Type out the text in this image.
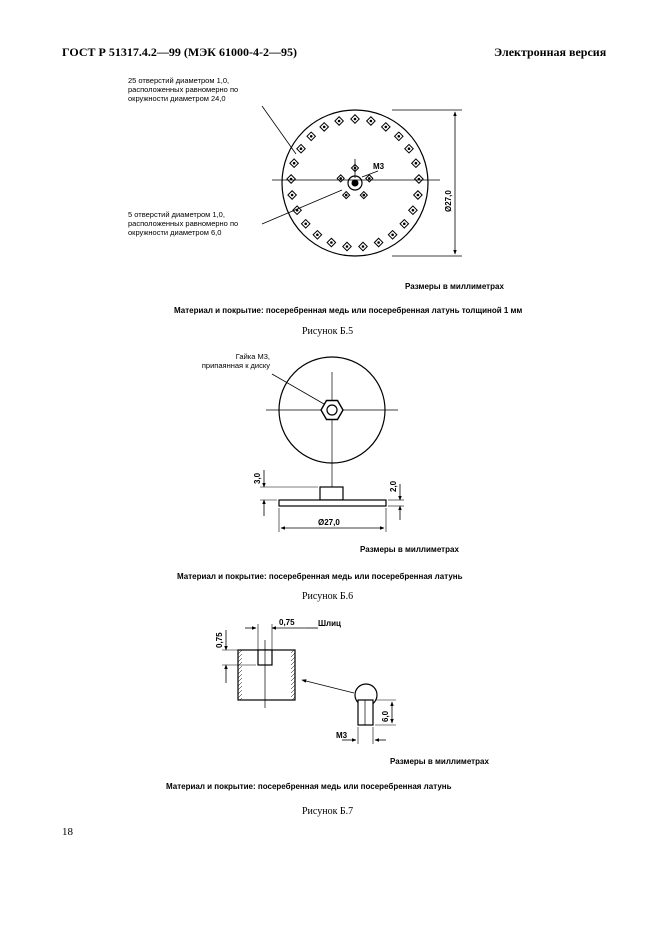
ГОСТ Р 51317.4.2—99 (МЭК 61000-4-2—95)	Электронная версия
25 отверстий диаметром 1,0,
расположенных равномерно по
окружности диаметром 24,0
5 отверстий диаметром 1,0,
расположенных равномерно по
окружности диаметром 6,0
Размеры в миллиметрах
Материал и покрытие: посеребренная медь или посеребренная латунь толщиной 1 мм
Рисунок Б.5
Гайка М3,
припаянная к диску
Размеры в миллиметрах
Материал и покрытие: посеребренная медь или посеребренная латунь
Рисунок Б.6
Размеры в миллиметрах
Материал и покрытие: посеребренная медь или посеребренная латунь
Рисунок Б.7
18
М3
Ø27,0
3,0
2,0
Ø27,0
0,75	Шлиц
0,75
6,0
М3
